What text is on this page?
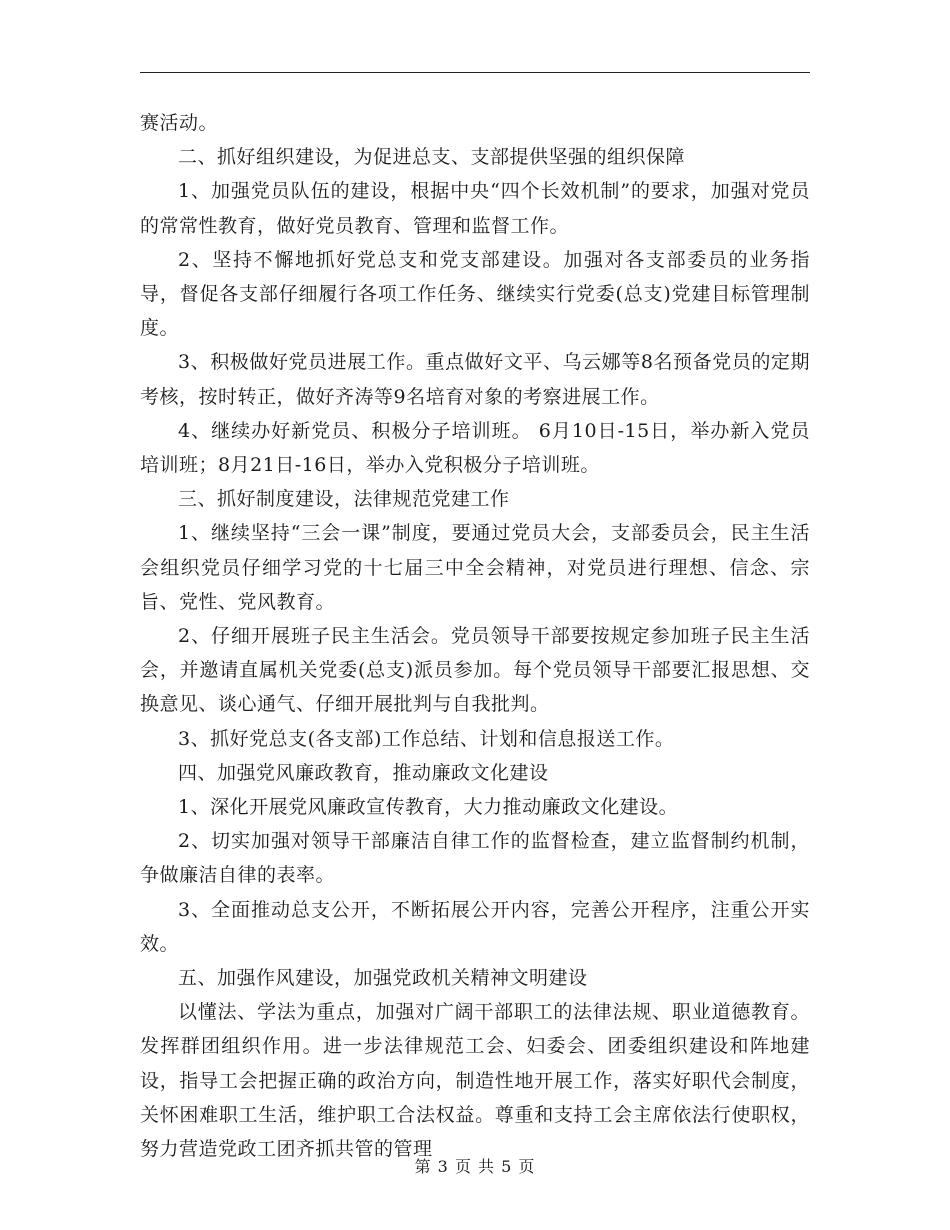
赛活动。

二、抓好组织建设，为促进总支、支部提供坚强的组织保障

1、加强党员队伍的建设，根据中央“四个长效机制”的要求，加强对党员的常常性教育，做好党员教育、管理和监督工作。

2、坚持不懈地抓好党总支和党支部建设。加强对各支部委员的业务指导，督促各支部仔细履行各项工作任务、继续实行党委(总支)党建目标管理制度。

3、积极做好党员进展工作。重点做好文平、乌云娜等8名预备党员的定期考核，按时转正，做好齐涛等9名培育对象的考察进展工作。

4、继续办好新党员、积极分子培训班。 6月10日-15日，举办新入党员培训班；8月21日-16日，举办入党积极分子培训班。

三、抓好制度建设，法律规范党建工作

1、继续坚持“三会一课”制度，要通过党员大会，支部委员会，民主生活会组织党员仔细学习党的十七届三中全会精神，对党员进行理想、信念、宗旨、党性、党风教育。

2、仔细开展班子民主生活会。党员领导干部要按规定参加班子民主生活会，并邀请直属机关党委(总支)派员参加。每个党员领导干部要汇报思想、交换意见、谈心通气、仔细开展批判与自我批判。

3、抓好党总支(各支部)工作总结、计划和信息报送工作。

四、加强党风廉政教育，推动廉政文化建设

1、深化开展党风廉政宣传教育，大力推动廉政文化建设。

2、切实加强对领导干部廉洁自律工作的监督检查，建立监督制约机制，争做廉洁自律的表率。

3、全面推动总支公开，不断拓展公开内容，完善公开程序，注重公开实效。

五、加强作风建设，加强党政机关精神文明建设

以懂法、学法为重点，加强对广阔干部职工的法律法规、职业道德教育。发挥群团组织作用。进一步法律规范工会、妇委会、团委组织建设和阵地建设，指导工会把握正确的政治方向，制造性地开展工作，落实好职代会制度，关怀困难职工生活，维护职工合法权益。尊重和支持工会主席依法行使职权，努力营造党政工团齐抓共管的管理

第 3 页 共 5 页
